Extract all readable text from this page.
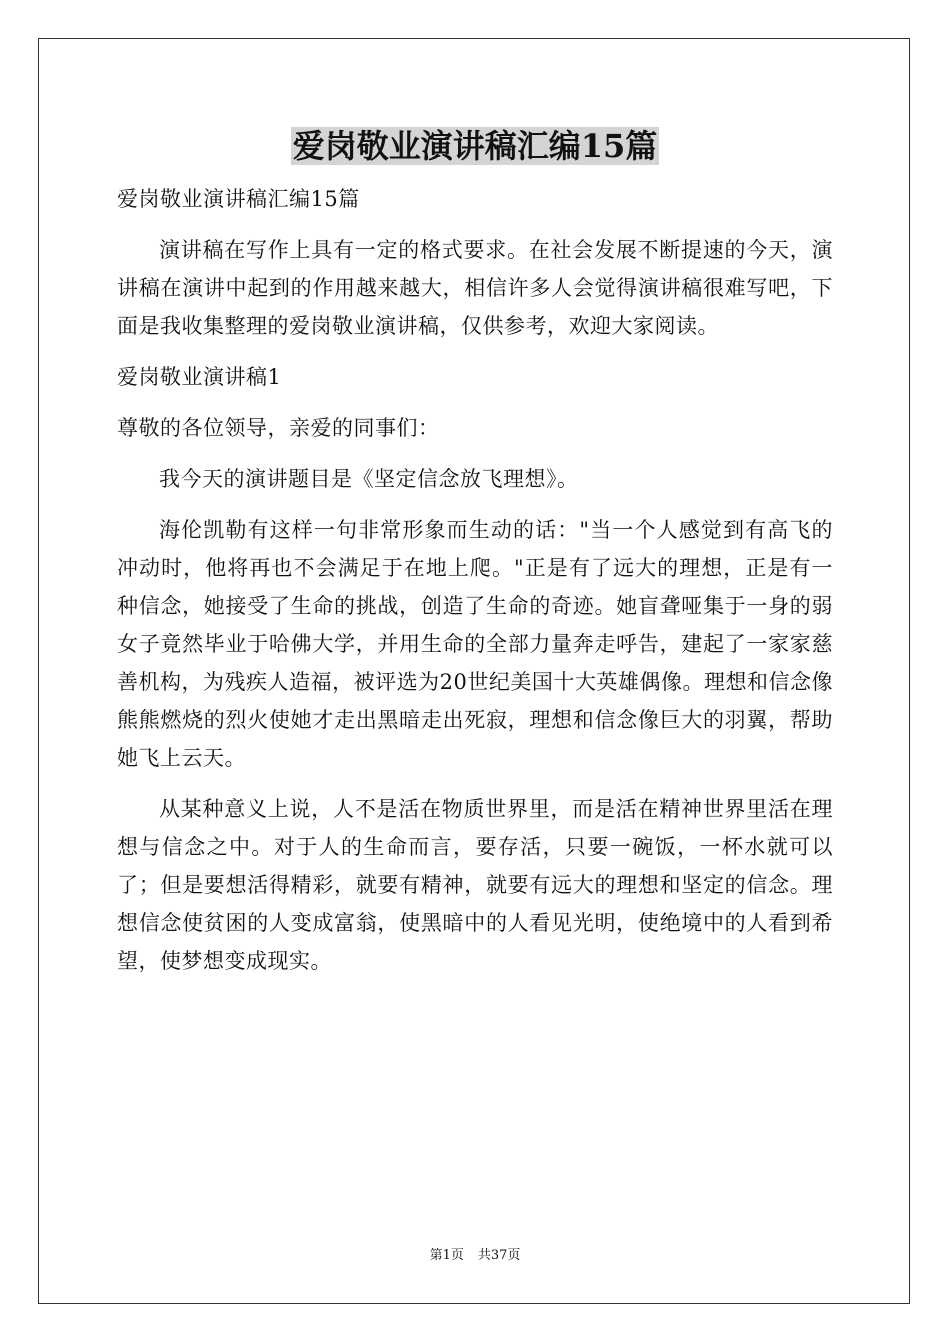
爱岗敬业演讲稿汇编15篇

爱岗敬业演讲稿汇编15篇

演讲稿在写作上具有一定的格式要求。在社会发展不断提速的今天，演讲稿在演讲中起到的作用越来越大，相信许多人会觉得演讲稿很难写吧，下面是我收集整理的爱岗敬业演讲稿，仅供参考，欢迎大家阅读。

爱岗敬业演讲稿1

尊敬的各位领导，亲爱的同事们：

我今天的演讲题目是《坚定信念放飞理想》。

海伦凯勒有这样一句非常形象而生动的话："当一个人感觉到有高飞的冲动时，他将再也不会满足于在地上爬。"正是有了远大的理想，正是有一种信念，她接受了生命的挑战，创造了生命的奇迹。她盲聋哑集于一身的弱女子竟然毕业于哈佛大学，并用生命的全部力量奔走呼告，建起了一家家慈善机构，为残疾人造福，被评选为20世纪美国十大英雄偶像。理想和信念像熊熊燃烧的烈火使她才走出黑暗走出死寂，理想和信念像巨大的羽翼，帮助她飞上云天。

从某种意义上说，人不是活在物质世界里，而是活在精神世界里活在理想与信念之中。对于人的生命而言，要存活，只要一碗饭，一杯水就可以了；但是要想活得精彩，就要有精神，就要有远大的理想和坚定的信念。理想信念使贫困的人变成富翁，使黑暗中的人看见光明，使绝境中的人看到希望，使梦想变成现实。

第1页 共37页
